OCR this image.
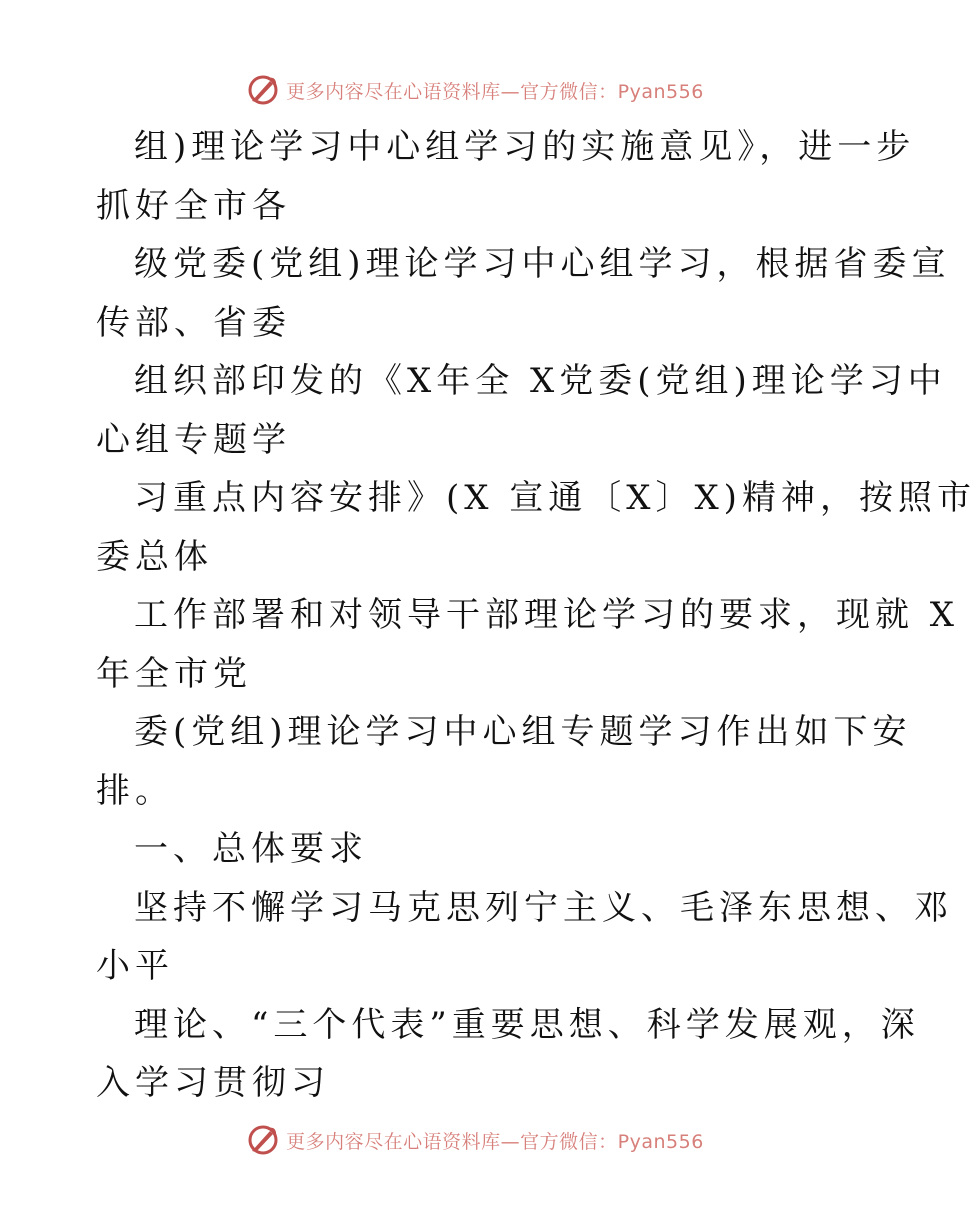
更多内容尽在心语资料库—官方微信：Pyan556
组)理论学习中心组学习的实施意见》，进一步
抓好全市各
级党委(党组)理论学习中心组学习，根据省委宣
传部、省委
组织部印发的《X年全 X党委(党组)理论学习中
心组专题学
习重点内容安排》(X 宣通〔X〕X)精神，按照市
委总体
工作部署和对领导干部理论学习的要求，现就 X
年全市党
委(党组)理论学习中心组专题学习作出如下安
排。
一、总体要求
坚持不懈学习马克思列宁主义、毛泽东思想、邓
小平
理论、“三个代表”重要思想、科学发展观，深
入学习贯彻习
更多内容尽在心语资料库—官方微信：Pyan556
